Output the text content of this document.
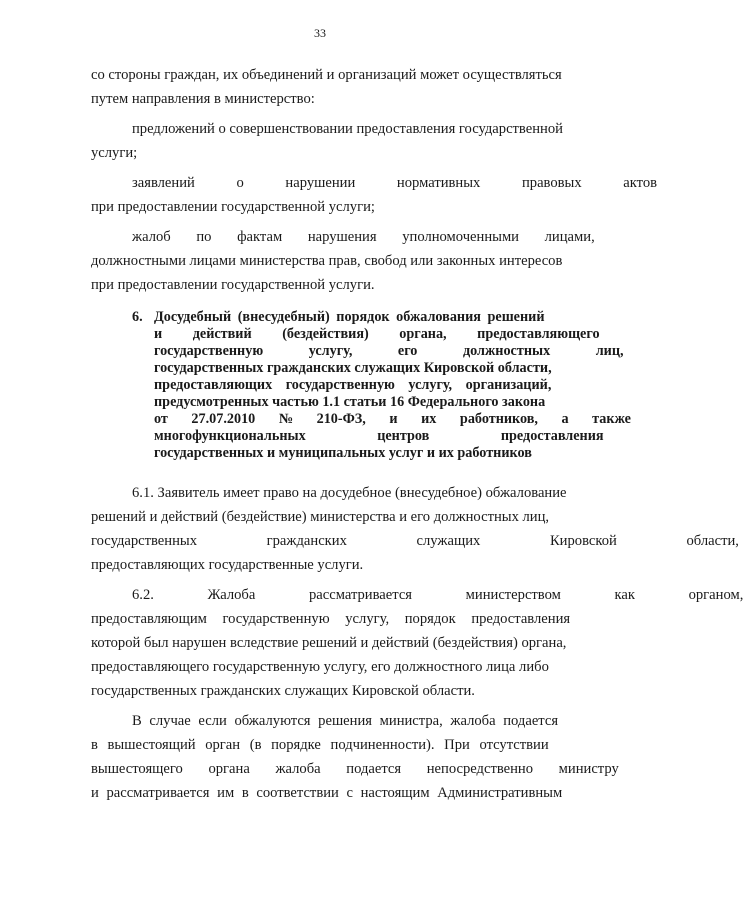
33
со стороны граждан, их объединений и организаций может осуществляться
путем направления в министерство:
предложений о совершенствовании предоставления государственной
услуги;
заявлений о нарушении нормативных правовых актов
при предоставлении государственной услуги;
жалоб по фактам нарушения уполномоченными лицами,
должностными лицами министерства прав, свобод или законных интересов
при предоставлении государственной услуги.
6. Досудебный (внесудебный) порядок обжалования решений
и действий (бездействия) органа, предоставляющего
государственную услугу, его должностных лиц,
государственных гражданских служащих Кировской области,
предоставляющих государственную услугу, организаций,
предусмотренных частью 1.1 статьи 16 Федерального закона
от 27.07.2010 № 210-ФЗ, и их работников, а также
многофункциональных центров предоставления
государственных и муниципальных услуг и их работников
6.1. Заявитель имеет право на досудебное (внесудебное) обжалование
решений и действий (бездействие) министерства и его должностных лиц,
государственных гражданских служащих Кировской области,
предоставляющих государственные услуги.
6.2. Жалоба рассматривается министерством как органом,
предоставляющим государственную услугу, порядок предоставления
которой был нарушен вследствие решений и действий (бездействия) органа,
предоставляющего государственную услугу, его должностного лица либо
государственных гражданских служащих Кировской области.
В случае если обжалуются решения министра, жалоба подается
в вышестоящий орган (в порядке подчиненности). При отсутствии
вышестоящего органа жалоба подается непосредственно министру
и рассматривается им в соответствии с настоящим Административным
